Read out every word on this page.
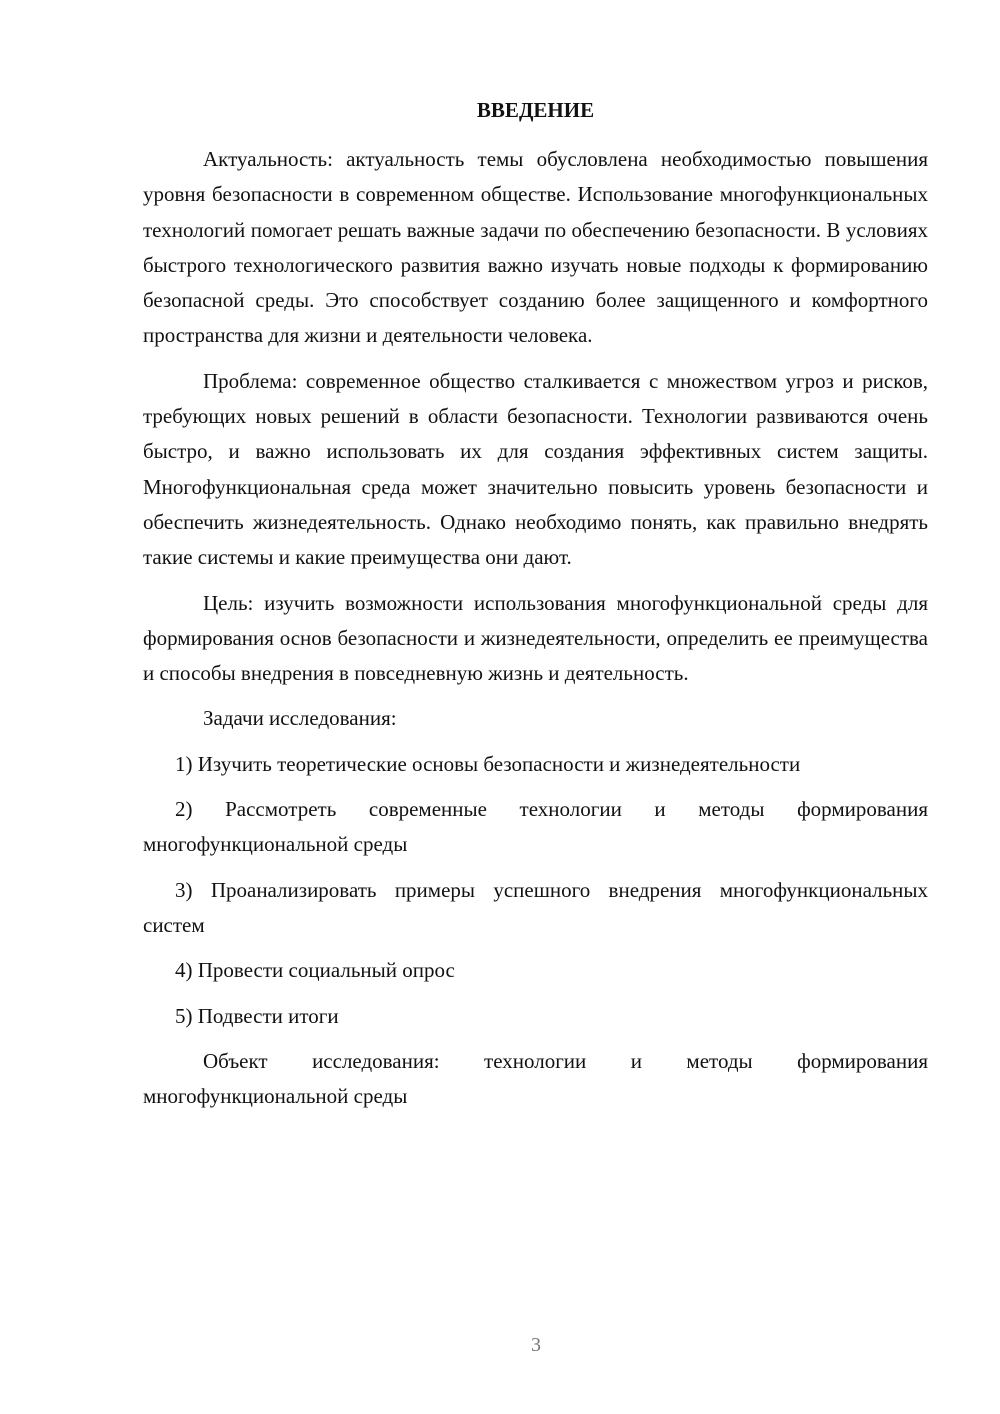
ВВЕДЕНИЕ

Актуальность: актуальность темы обусловлена необходимостью повышения уровня безопасности в современном обществе. Использование многофункциональных технологий помогает решать важные задачи по обеспечению безопасности. В условиях быстрого технологического развития важно изучать новые подходы к формированию безопасной среды. Это способствует созданию более защищенного и комфортного пространства для жизни и деятельности человека.

Проблема: современное общество сталкивается с множеством угроз и рисков, требующих новых решений в области безопасности. Технологии развиваются очень быстро, и важно использовать их для создания эффективных систем защиты. Многофункциональная среда может значительно повысить уровень безопасности и обеспечить жизнедеятельность. Однако необходимо понять, как правильно внедрять такие системы и какие преимущества они дают.

Цель: изучить возможности использования многофункциональной среды для формирования основ безопасности и жизнедеятельности, определить ее преимущества и способы внедрения в повседневную жизнь и деятельность.

Задачи исследования:

1) Изучить теоретические основы безопасности и жизнедеятельности

2) Рассмотреть современные технологии и методы формирования многофункциональной среды

3) Проанализировать примеры успешного внедрения многофункциональных систем

4) Провести социальный опрос

5) Подвести итоги

Объект исследования: технологии и методы формирования многофункциональной среды

3
